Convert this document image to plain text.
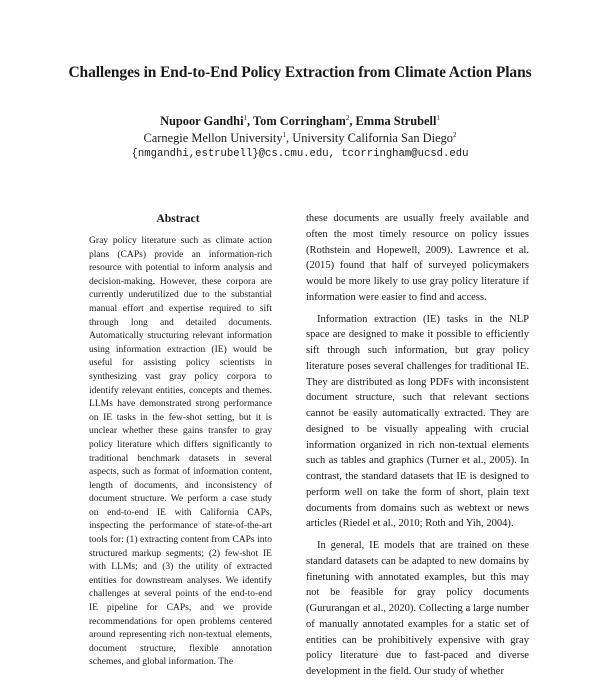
Challenges in End-to-End Policy Extraction from Climate Action Plans
Nupoor Gandhi$^1$, Tom Corringham$^2$, Emma Strubell$^1$
Carnegie Mellon University$^1$, University California San Diego$^2$
{nmgandhi,estrubell}@cs.cmu.edu, tcorringham@ucsd.edu
Abstract
Gray policy literature such as climate action plans (CAPs) provide an information-rich resource with potential to inform analysis and decision-making. However, these corpora are currently underutilized due to the substantial manual effort and expertise required to sift through long and detailed documents. Automatically structuring relevant information using information extraction (IE) would be useful for assisting policy scientists in synthesizing vast gray policy corpora to identify relevant entities, concepts and themes. LLMs have demonstrated strong performance on IE tasks in the few-shot setting, but it is unclear whether these gains transfer to gray policy literature which differs significantly to traditional benchmark datasets in several aspects, such as format of information content, length of documents, and inconsistency of document structure. We perform a case study on end-to-end IE with California CAPs, inspecting the performance of state-of-the-art tools for: (1) extracting content from CAPs into structured markup segments; (2) few-shot IE with LLMs; and (3) the utility of extracted entities for downstream analyses. We identify challenges at several points of the end-to-end IE pipeline for CAPs, and we provide recommendations for open problems centered around representing rich non-textual elements, document structure, flexible annotation schemes, and global information. The

these documents are usually freely available and often the most timely resource on policy issues (Rothstein and Hopewell, 2009). Lawrence et al. (2015) found that half of surveyed policymakers would be more likely to use gray policy literature if information were easier to find and access.

Information extraction (IE) tasks in the NLP space are designed to make it possible to efficiently sift through such information, but gray policy literature poses several challenges for traditional IE. They are distributed as long PDFs with inconsistent document structure, such that relevant sections cannot be easily automatically extracted. They are designed to be visually appealing with crucial information organized in rich non-textual elements such as tables and graphics (Turner et al., 2005). In contrast, the standard datasets that IE is designed to perform well on take the form of short, plain text documents from domains such as webtext or news articles (Riedel et al., 2010; Roth and Yih, 2004).

In general, IE models that are trained on these standard datasets can be adapted to new domains by finetuning with annotated examples, but this may not be feasible for gray policy documents (Gururangan et al., 2020). Collecting a large number of manually annotated examples for a static set of entities can be prohibitively expensive with gray policy literature due to fast-paced and diverse development in the field. Our study of whether
